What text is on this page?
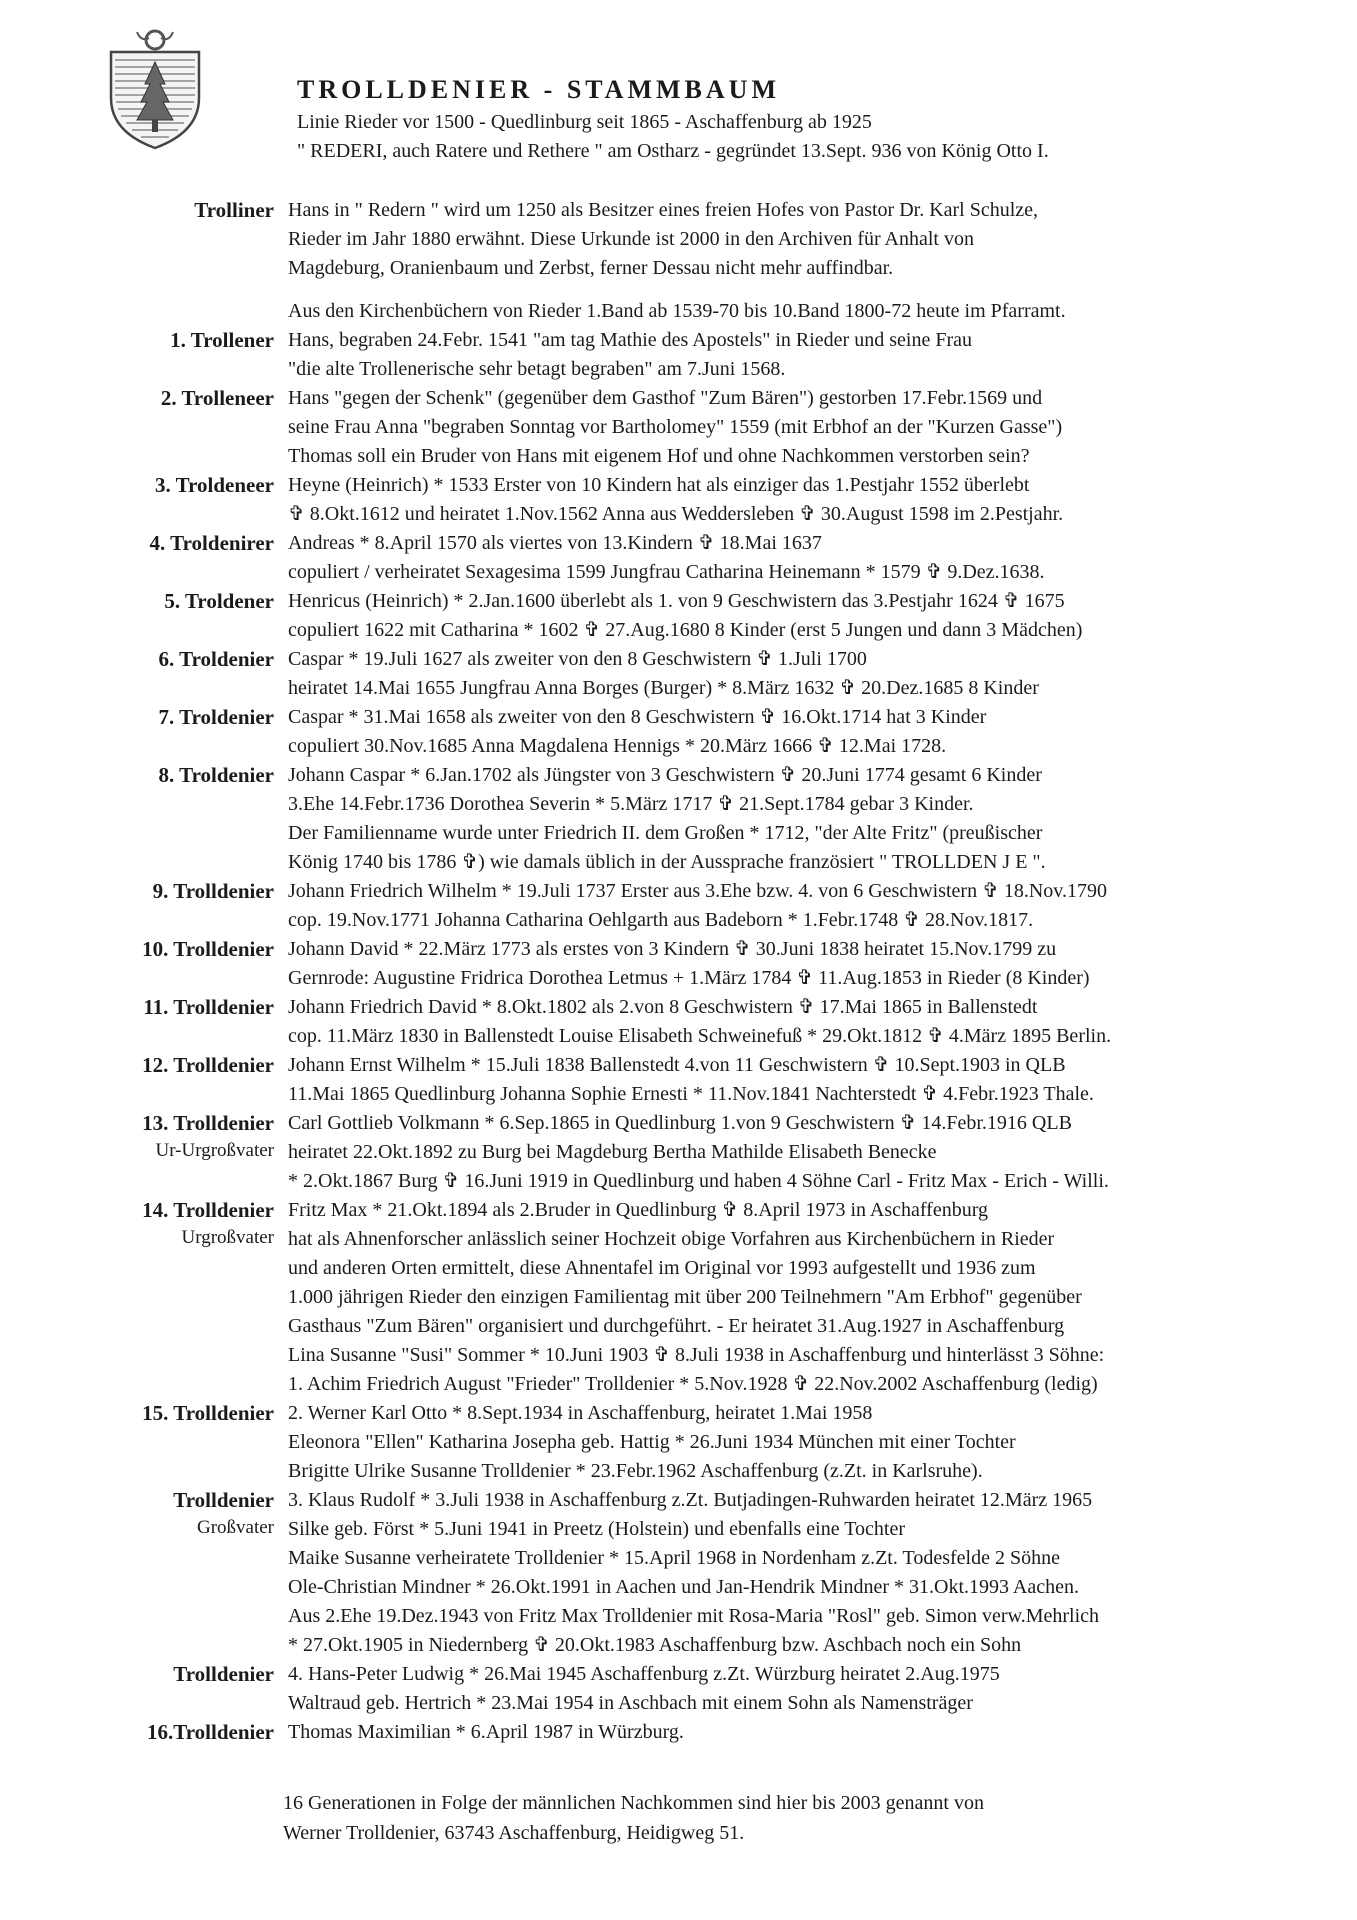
TROLLDENIER - STAMMBAUM
Linie Rieder vor 1500 - Quedlinburg seit 1865 - Aschaffenburg ab 1925
" REDERI, auch Ratere und Rethere " am Ostharz - gegründet 13.Sept. 936 von König Otto I.
Trolliner Hans in " Redern " wird um 1250 als Besitzer eines freien Hofes von Pastor Dr. Karl Schulze,
Rieder im Jahr 1880 erwähnt. Diese Urkunde ist 2000 in den Archiven für Anhalt von
Magdeburg, Oranienbaum und Zerbst, ferner Dessau nicht mehr auffindbar.
Aus den Kirchenbüchern von Rieder 1.Band ab 1539-70 bis 10.Band 1800-72 heute im Pfarramt.
1. Trollener Hans, begraben 24.Febr. 1541 "am tag Mathie des Apostels" in Rieder und seine Frau
"die alte Trollenerische sehr betagt begraben" am 7.Juni 1568.
2. Trolleneer Hans "gegen der Schenk" (gegenüber dem Gasthof "Zum Bären") gestorben 17.Febr.1569 und
seine Frau Anna "begraben Sonntag vor Bartholomey" 1559 (mit Erbhof an der "Kurzen Gasse")
Thomas soll ein Bruder von Hans mit eigenem Hof und ohne Nachkommen verstorben sein?
3. Troldeneer Heyne (Heinrich) * 1533 Erster von 10 Kindern hat als einziger das 1.Pestjahr 1552 überlebt
✞ 8.Okt.1612 und heiratet 1.Nov.1562 Anna aus Weddersleben ✞ 30.August 1598 im 2.Pestjahr.
4. Troldenirer Andreas * 8.April 1570 als viertes von 13.Kindern ✞ 18.Mai 1637
copuliert / verheiratet Sexagesima 1599 Jungfrau Catharina Heinemann * 1579 ✞ 9.Dez.1638.
5. Troldener Henricus (Heinrich) * 2.Jan.1600 überlebt als 1. von 9 Geschwistern das 3.Pestjahr 1624 ✞ 1675
copuliert 1622 mit Catharina * 1602 ✞ 27.Aug.1680 8 Kinder (erst 5 Jungen und dann 3 Mädchen)
6. Troldenier Caspar * 19.Juli 1627 als zweiter von den 8 Geschwistern ✞ 1.Juli 1700
heiratet 14.Mai 1655 Jungfrau Anna Borges (Burger) * 8.März 1632 ✞ 20.Dez.1685 8 Kinder
7. Troldenier Caspar * 31.Mai 1658 als zweiter von den 8 Geschwistern ✞ 16.Okt.1714 hat 3 Kinder
copuliert 30.Nov.1685 Anna Magdalena Hennigs * 20.März 1666 ✞ 12.Mai 1728.
8. Troldenier Johann Caspar * 6.Jan.1702 als Jüngster von 3 Geschwistern ✞ 20.Juni 1774 gesamt 6 Kinder
3.Ehe 14.Febr.1736 Dorothea Severin * 5.März 1717 ✞ 21.Sept.1784 gebar 3 Kinder.
Der Familienname wurde unter Friedrich II. dem Großen * 1712, "der Alte Fritz" (preußischer
König 1740 bis 1786 ✞) wie damals üblich in der Aussprache französiert " TROLLDEN J E ".
9. Trolldenier Johann Friedrich Wilhelm * 19.Juli 1737 Erster aus 3.Ehe bzw. 4. von 6 Geschwistern ✞ 18.Nov.1790
cop. 19.Nov.1771 Johanna Catharina Oehlgarth aus Badeborn * 1.Febr.1748 ✞ 28.Nov.1817.
10. Trolldenier Johann David * 22.März 1773 als erstes von 3 Kindern ✞ 30.Juni 1838 heiratet 15.Nov.1799 zu
Gernrode: Augustine Fridrica Dorothea Letmus + 1.März 1784 ✞ 11.Aug.1853 in Rieder (8 Kinder)
11. Trolldenier Johann Friedrich David * 8.Okt.1802 als 2.von 8 Geschwistern ✞ 17.Mai 1865 in Ballenstedt
cop. 11.März 1830 in Ballenstedt Louise Elisabeth Schweinefuß * 29.Okt.1812 ✞ 4.März 1895 Berlin.
12. Trolldenier Johann Ernst Wilhelm * 15.Juli 1838 Ballenstedt 4.von 11 Geschwistern ✞ 10.Sept.1903 in QLB
11.Mai 1865 Quedlinburg Johanna Sophie Ernesti * 11.Nov.1841 Nachterstedt ✞ 4.Febr.1923 Thale.
13. Trolldenier
Ur-Urgroßvater
Carl Gottlieb Volkmann * 6.Sep.1865 in Quedlinburg 1.von 9 Geschwistern ✞ 14.Febr.1916 QLB
heiratet 22.Okt.1892 zu Burg bei Magdeburg Bertha Mathilde Elisabeth Benecke
* 2.Okt.1867 Burg ✞ 16.Juni 1919 in Quedlinburg und haben 4 Söhne Carl - Fritz Max - Erich - Willi.
14. Trolldenier
Urgroßvater
Fritz Max * 21.Okt.1894 als 2.Bruder in Quedlinburg ✞ 8.April 1973 in Aschaffenburg
hat als Ahnenforscher anlässlich seiner Hochzeit obige Vorfahren aus Kirchenbüchern in Rieder
und anderen Orten ermittelt, diese Ahnentafel im Original vor 1993 aufgestellt und 1936 zum
1.000 jährigen Rieder den einzigen Familientag mit über 200 Teilnehmern "Am Erbhof" gegenüber
Gasthaus "Zum Bären" organisiert und durchgeführt. - Er heiratet 31.Aug.1927 in Aschaffenburg
Lina Susanne "Susi" Sommer * 10.Juni 1903 ✞ 8.Juli 1938 in Aschaffenburg und hinterlässt 3 Söhne:
1. Achim Friedrich August "Frieder" Trolldenier * 5.Nov.1928 ✞ 22.Nov.2002 Aschaffenburg (ledig)
15. Trolldenier 2. Werner Karl Otto * 8.Sept.1934 in Aschaffenburg, heiratet 1.Mai 1958
Eleonora "Ellen" Katharina Josepha geb. Hattig * 26.Juni 1934 München mit einer Tochter
Brigitte Ulrike Susanne Trolldenier * 23.Febr.1962 Aschaffenburg (z.Zt. in Karlsruhe).
Trolldenier
Großvater
3. Klaus Rudolf * 3.Juli 1938 in Aschaffenburg z.Zt. Butjadingen-Ruhwarden heiratet 12.März 1965
Silke geb. Först * 5.Juni 1941 in Preetz (Holstein) und ebenfalls eine Tochter
Maike Susanne verheiratete Trolldenier * 15.April 1968 in Nordenham z.Zt. Todesfelde 2 Söhne
Ole-Christian Mindner * 26.Okt.1991 in Aachen und Jan-Hendrik Mindner * 31.Okt.1993 Aachen.
Aus 2.Ehe 19.Dez.1943 von Fritz Max Trolldenier mit Rosa-Maria "Rosl" geb. Simon verw.Mehrlich
* 27.Okt.1905 in Niedernberg ✞ 20.Okt.1983 Aschaffenburg bzw. Aschbach noch ein Sohn
Trolldenier 4. Hans-Peter Ludwig * 26.Mai 1945 Aschaffenburg z.Zt. Würzburg heiratet 2.Aug.1975
Waltraud geb. Hertrich * 23.Mai 1954 in Aschbach mit einem Sohn als Namensträger
16.Trolldenier Thomas Maximilian * 6.April 1987 in Würzburg.
16 Generationen in Folge der männlichen Nachkommen sind hier bis 2003 genannt von
Werner Trolldenier, 63743 Aschaffenburg, Heidigweg 51.
